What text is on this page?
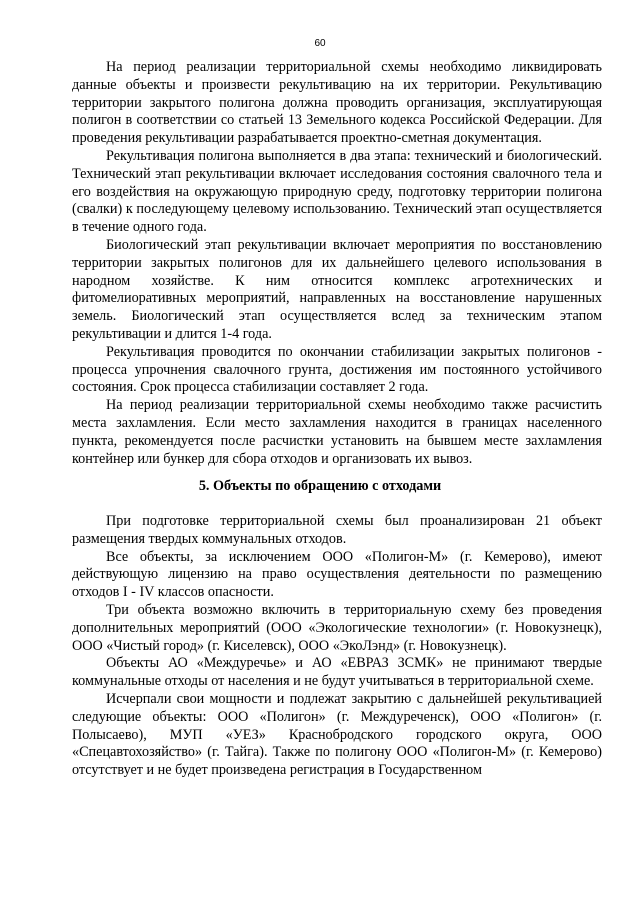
60

На период реализации территориальной схемы необходимо ликвидировать данные объекты и произвести рекультивацию на их территории. Рекультивацию территории закрытого полигона должна проводить организация, эксплуатирующая полигон в соответствии со статьей 13 Земельного кодекса Российской Федерации. Для проведения рекультивации разрабатывается проектно-сметная документация.

Рекультивация полигона выполняется в два этапа: технический и биологический. Технический этап рекультивации включает исследования состояния свалочного тела и его воздействия на окружающую природную среду, подготовку территории полигона (свалки) к последующему целевому использованию. Технический этап осуществляется в течение одного года.

Биологический этап рекультивации включает мероприятия по восстановлению территории закрытых полигонов для их дальнейшего целевого использования в народном хозяйстве. К ним относится комплекс агротехнических и фитомелиоративных мероприятий, направленных на восстановление нарушенных земель. Биологический этап осуществляется вслед за техническим этапом рекультивации и длится 1-4 года.

Рекультивация проводится по окончании стабилизации закрытых полигонов - процесса упрочнения свалочного грунта, достижения им постоянного устойчивого состояния. Срок процесса стабилизации составляет 2 года.

На период реализации территориальной схемы необходимо также расчистить места захламления. Если место захламления находится в границах населенного пункта, рекомендуется после расчистки установить на бывшем месте захламления контейнер или бункер для сбора отходов и организовать их вывоз.

5. Объекты по обращению с отходами

При подготовке территориальной схемы был проанализирован 21 объект размещения твердых коммунальных отходов.

Все объекты, за исключением ООО «Полигон-М» (г. Кемерово), имеют действующую лицензию на право осуществления деятельности по размещению отходов I - IV классов опасности.

Три объекта возможно включить в территориальную схему без проведения дополнительных мероприятий (ООО «Экологические технологии» (г. Новокузнецк), ООО «Чистый город» (г. Киселевск), ООО «ЭкоЛэнд» (г. Новокузнецк).

Объекты АО «Междуречье» и АО «ЕВРАЗ ЗСМК» не принимают твердые коммунальные отходы от населения и не будут учитываться в территориальной схеме.

Исчерпали свои мощности и подлежат закрытию с дальнейшей рекультивацией следующие объекты: ООО «Полигон» (г. Междуреченск), ООО «Полигон» (г. Полысаево), МУП «УЕЗ» Краснобродского городского округа, ООО «Спецавтохозяйство» (г. Тайга). Также по полигону ООО «Полигон-М» (г. Кемерово) отсутствует и не будет произведена регистрация в Государственном
